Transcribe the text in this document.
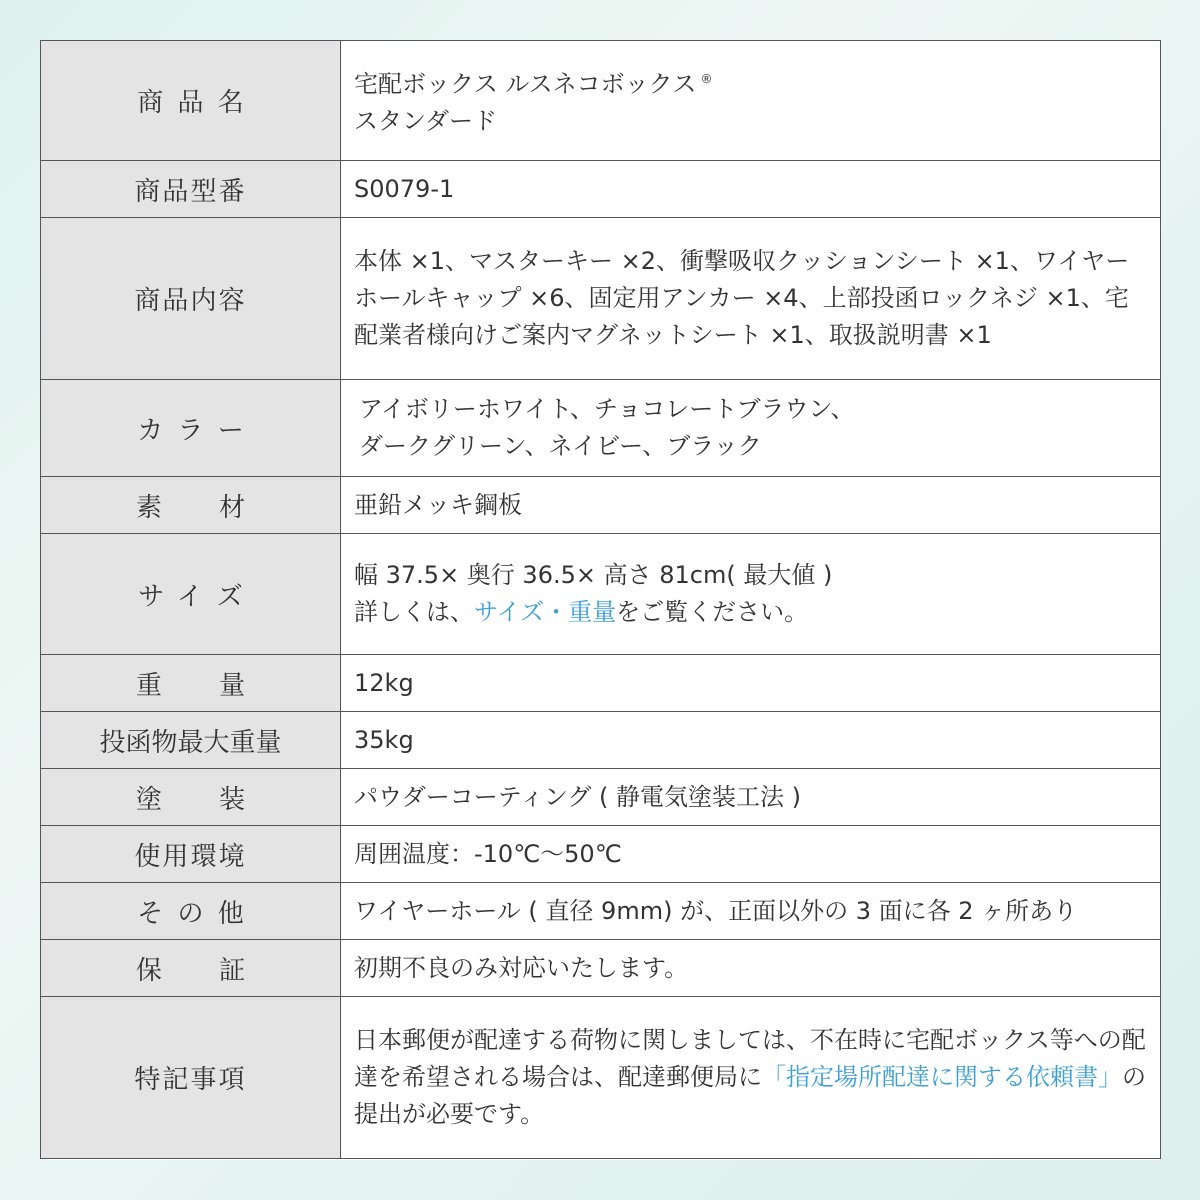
商品名	宅配ボックス ルスネコボックス ®
スタンダード
商品型番	S0079-1
商品内容	本体 ×1、マスターキー ×2、衝撃吸収クッションシート ×1、ワイヤーホールキャップ ×6、固定用アンカー ×4、上部投函ロックネジ ×1、宅配業者様向けご案内マグネットシート ×1、取扱説明書 ×1
カラー	アイボリーホワイト、チョコレートブラウン、
ダークグリーン、ネイビー、ブラック
素材	亜鉛メッキ鋼板
サイズ	幅 37.5× 奥行 36.5× 高さ 81cm( 最大値 )
詳しくは、サイズ・重量をご覧ください。
重量	12kg
投函物最大重量	35kg
塗装	パウダーコーティング ( 静電気塗装工法 )
使用環境	周囲温度：-10℃～50℃
その他	ワイヤーホール ( 直径 9mm) が、正面以外の 3 面に各 2 ヶ所あり
保証	初期不良のみ対応いたします。
特記事項	日本郵便が配達する荷物に関しましては、不在時に宅配ボックス等への配達を希望される場合は、配達郵便局に「指定場所配達に関する依頼書」の提出が必要です。
